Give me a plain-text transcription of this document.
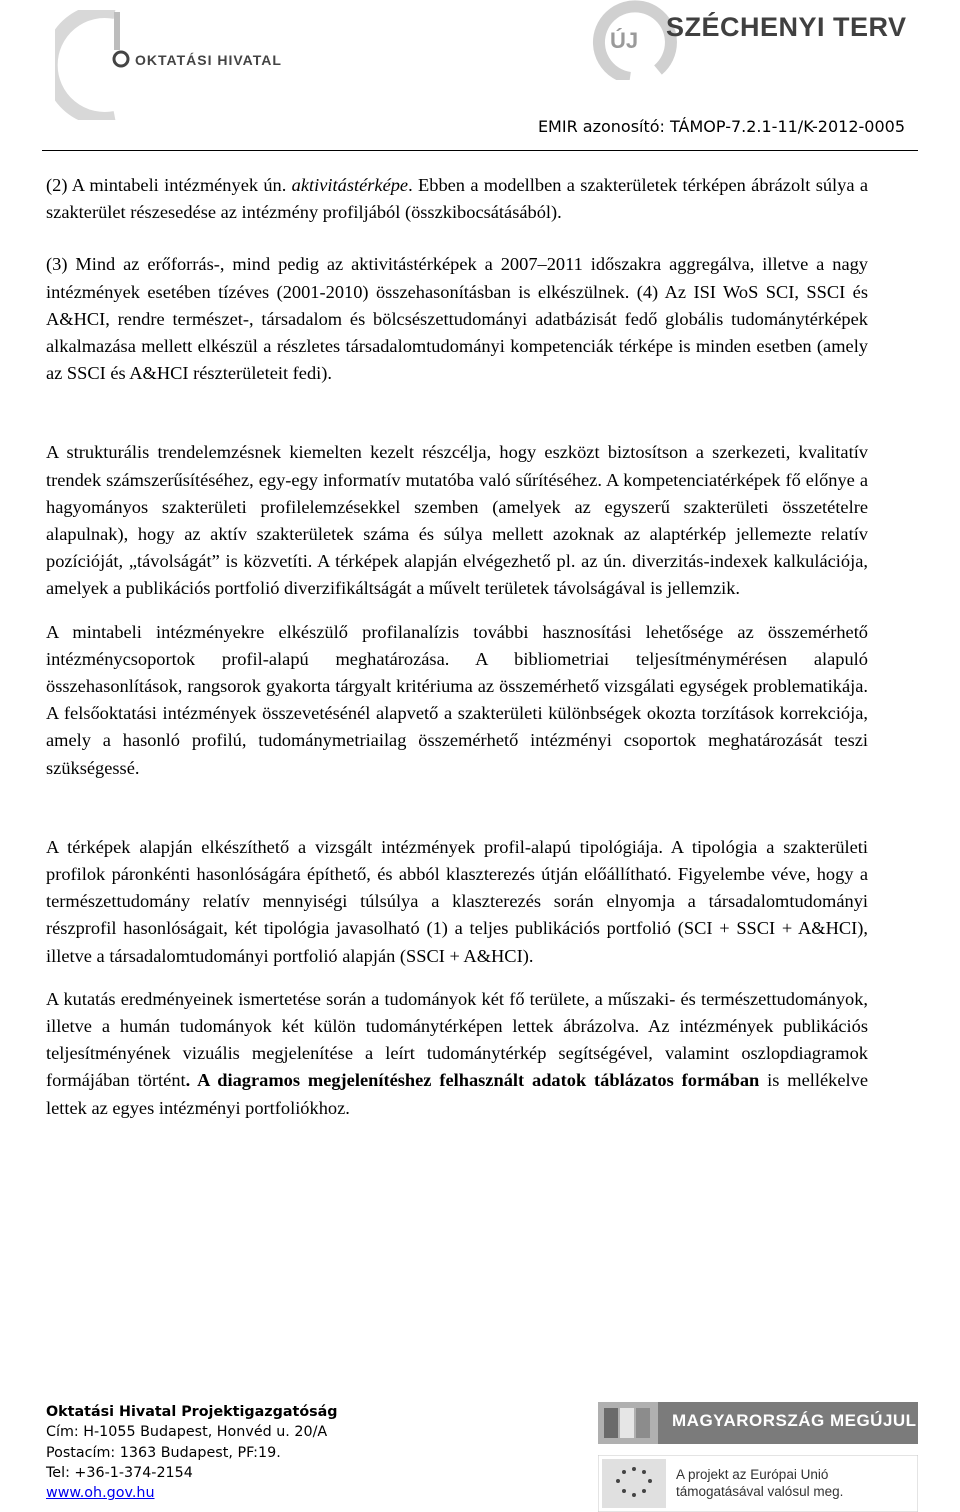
OKTATÁSI HIVATAL
ÚJ SZÉCHENYI TERV
EMIR azonosító: TÁMOP-7.2.1-11/K-2012-0005

(2) A mintabeli intézmények ún. aktivitástérképe. Ebben a modellben a szakterületek térképen ábrázolt súlya a szakterület részesedése az intézmény profiljából (összkibocsátásából).

(3) Mind az erőforrás-, mind pedig az aktivitástérképek a 2007–2011 időszakra aggregálva, illetve a nagy intézmények esetében tízéves (2001-2010) összehasonításban is elkészülnek. (4) Az ISI WoS SCI, SSCI és A&HCI, rendre természet-, társadalom és bölcsészettudományi adatbázisát fedő globális tudománytérképek alkalmazása mellett elkészül a részletes társadalomtudományi kompetenciák térképe is minden esetben (amely az SSCI és A&HCI részterületeit fedi).

A strukturális trendelemzésnek kiemelten kezelt részcélja, hogy eszközt biztosítson a szerkezeti, kvalitatív trendek számszerűsítéséhez, egy-egy informatív mutatóba való sűrítéséhez. A kompetenciatérképek fő előnye a hagyományos szakterületi profilelemzésekkel szemben (amelyek az egyszerű szakterületi összetételre alapulnak), hogy az aktív szakterületek száma és súlya mellett azoknak az alaptérkép jellemezte relatív pozícióját, „távolságát” is közvetíti. A térképek alapján elvégezhető pl. az ún. diverzitás-indexek kalkulációja, amelyek a publikációs portfolió diverzifikáltságát a művelt területek távolságával is jellemzik.

A mintabeli intézményekre elkészülő profilanalízis további hasznosítási lehetősége az összemérhető intézménycsoportok profil-alapú meghatározása. A bibliometriai teljesítménymérésen alapuló összehasonlítások, rangsorok gyakorta tárgyalt kritériuma az összemérhető vizsgálati egységek problematikája. A felsőoktatási intézmények összevetésénél alapvető a szakterületi különbségek okozta torzítások korrekciója, amely a hasonló profilú, tudománymetriailag összemérhető intézményi csoportok meghatározását teszi szükségessé.

A térképek alapján elkészíthető a vizsgált intézmények profil-alapú tipológiája. A tipológia a szakterületi profilok páronkénti hasonlóságára építhető, és abból klaszterezés útján előállítható. Figyelembe véve, hogy a természettudomány relatív mennyiségi túlsúlya a klaszterezés során elnyomja a társadalomtudományi részprofil hasonlóságait, két tipológia javasolható (1) a teljes publikációs portfolió (SCI + SSCI + A&HCI), illetve a társadalomtudományi portfolió alapján (SSCI + A&HCI).

A kutatás eredményeinek ismertetése során a tudományok két fő területe, a műszaki- és természettudományok, illetve a humán tudományok két külön tudománytérképen lettek ábrázolva. Az intézmények publikációs teljesítményének vizuális megjelenítése a leírt tudománytérkép segítségével, valamint oszlopdiagramok formájában történt. A diagramos megjelenítéshez felhasznált adatok táblázatos formában is mellékelve lettek az egyes intézményi portfoliókhoz.

Oktatási Hivatal Projektigazgatóság
Cím: H-1055 Budapest, Honvéd u. 20/A
Postacím: 1363 Budapest, PF:19.
Tel: +36-1-374-2154
www.oh.gov.hu
MAGYARORSZÁG MEGÚJUL
A projekt az Európai Unió
támogatásával valósul meg.
